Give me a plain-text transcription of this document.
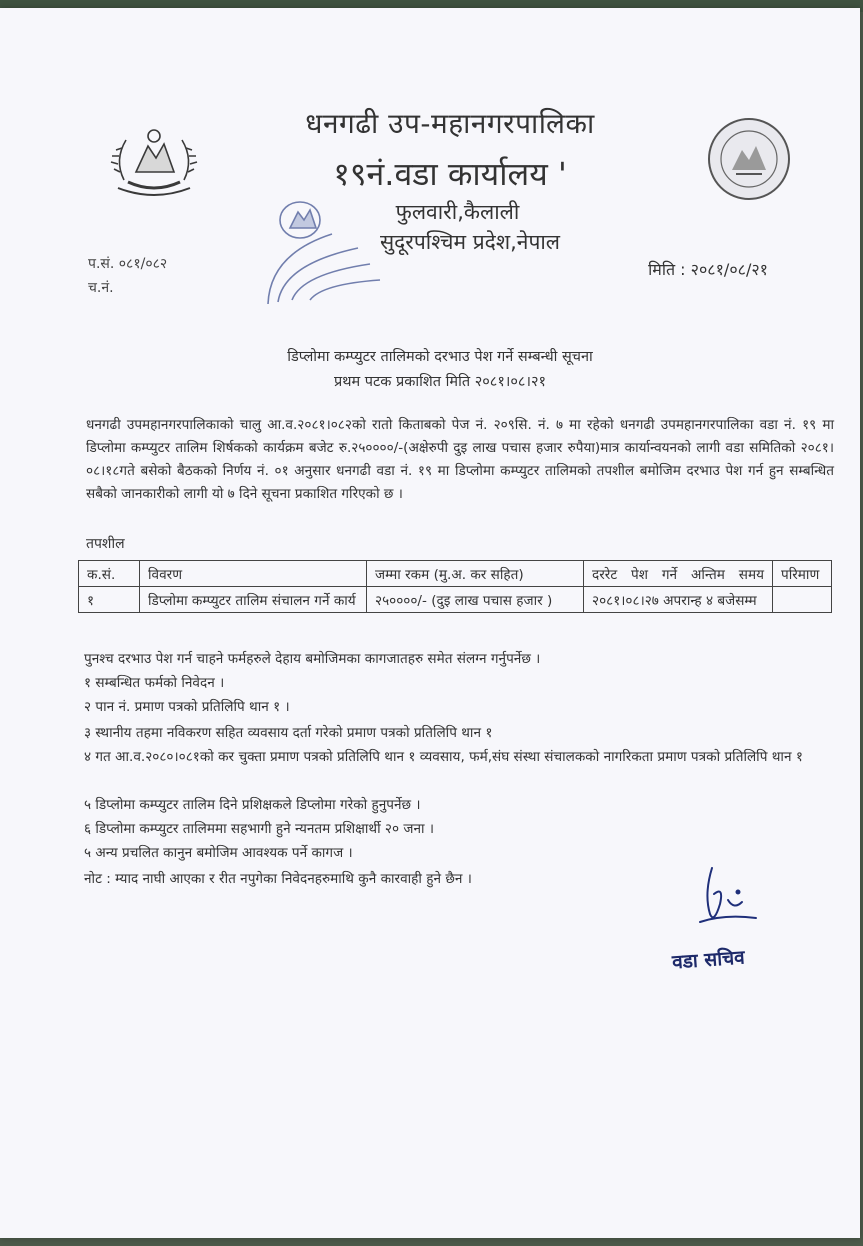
धनगढी उप-महानगरपालिका
१९नं.वडा कार्यालय '
फुलवारी,कैलाली
सुदूरपश्चिम प्रदेश,नेपाल
प.सं. ०८१/०८२
च.नं.
मिति : २०८१/०८/२१
डिप्लोमा कम्प्युटर तालिमको दरभाउ पेश गर्ने सम्बन्धी सूचना
प्रथम पटक प्रकाशित मिति २०८१।०८।२१
धनगढी उपमहानगरपालिकाको चालु आ.व.२०८१।०८२को रातो किताबको पेज नं. २०९सि. नं. ७ मा रहेको धनगढी उपमहानगरपालिका वडा नं. १९ मा डिप्लोमा कम्प्युटर तालिम शिर्षकको कार्यक्रम बजेट रु.२५००००/-(अक्षेरुपी दुइ लाख पचास हजार रुपैया)मात्र कार्यान्वयनको लागी वडा समितिको २०८१।०८।१८गते बसेको बैठकको निर्णय नं. ०१ अनुसार धनगढी वडा नं. १९ मा डिप्लोमा कम्प्युटर तालिमको तपशील बमोजिम दरभाउ पेश गर्न हुन सम्बन्धित सबैको जानकारीको लागी यो ७ दिने सूचना प्रकाशित गरिएको छ ।
तपशील
क.सं.	विवरण	जम्मा रकम (मु.अ. कर सहित)	दररेट पेश गर्ने अन्तिम समय	परिमाण
१	डिप्लोमा कम्प्युटर तालिम संचालन गर्ने कार्य	२५००००/- (दुइ लाख पचास हजार )	२०८१।०८।२७ अपरान्ह ४ बजेसम्म	
पुनश्च दरभाउ पेश गर्न चाहने फर्महरुले देहाय बमोजिमका कागजातहरु समेत संलग्न गर्नुपर्नेछ ।
१ सम्बन्धित फर्मको निवेदन ।
२ पान नं. प्रमाण पत्रको प्रतिलिपि थान १ ।
३ स्थानीय तहमा नविकरण सहित व्यवसाय दर्ता गरेको प्रमाण पत्रको प्रतिलिपि थान १
४ गत आ.व.२०८०।०८१को कर चुक्ता प्रमाण पत्रको प्रतिलिपि थान १ व्यवसाय, फर्म,संघ संस्था संचालकको नागरिकता प्रमाण पत्रको प्रतिलिपि थान १
५ डिप्लोमा कम्प्युटर तालिम दिने प्रशिक्षकले डिप्लोमा गरेको हुनुपर्नेछ ।
६ डिप्लोमा कम्प्युटर तालिममा सहभागी हुने न्यनतम प्रशिक्षार्थी २० जना ।
५ अन्य प्रचलित कानुन बमोजिम आवश्यक पर्ने कागज ।
नोट : म्याद नाघी आएका र रीत नपुगेका निवेदनहरुमाथि कुनै कारवाही हुने छैन ।
वडा सचिव
